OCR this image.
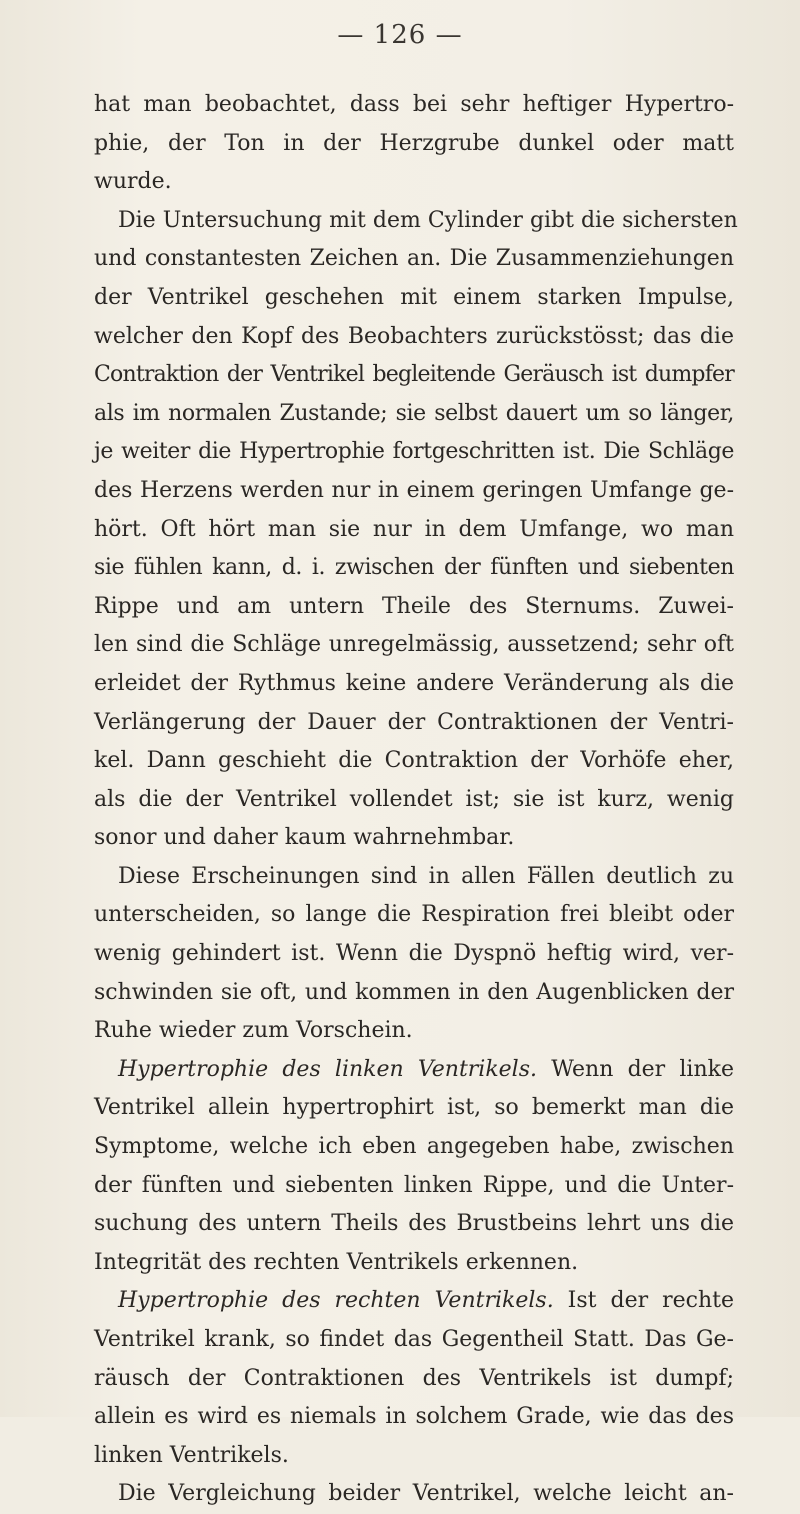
— 126 —
hat man beobachtet, dass bei sehr heftiger Hypertro-
phie, der Ton in der Herzgrube dunkel oder matt
wurde.
Die Untersuchung mit dem Cylinder gibt die sichersten
und constantesten Zeichen an. Die Zusammenziehungen
der Ventrikel geschehen mit einem starken Impulse,
welcher den Kopf des Beobachters zurückstösst; das die
Contraktion der Ventrikel begleitende Geräusch ist dumpfer
als im normalen Zustande; sie selbst dauert um so länger,
je weiter die Hypertrophie fortgeschritten ist. Die Schläge
des Herzens werden nur in einem geringen Umfange ge-
hört. Oft hört man sie nur in dem Umfange, wo man
sie fühlen kann, d. i. zwischen der fünften und siebenten
Rippe und am untern Theile des Sternums. Zuwei-
len sind die Schläge unregelmässig, aussetzend; sehr oft
erleidet der Rythmus keine andere Veränderung als die
Verlängerung der Dauer der Contraktionen der Ventri-
kel. Dann geschieht die Contraktion der Vorhöfe eher,
als die der Ventrikel vollendet ist; sie ist kurz, wenig
sonor und daher kaum wahrnehmbar.
Diese Erscheinungen sind in allen Fällen deutlich zu
unterscheiden, so lange die Respiration frei bleibt oder
wenig gehindert ist. Wenn die Dyspnö heftig wird, ver-
schwinden sie oft, und kommen in den Augenblicken der
Ruhe wieder zum Vorschein.
Hypertrophie des linken Ventrikels. Wenn der linke
Ventrikel allein hypertrophirt ist, so bemerkt man die
Symptome, welche ich eben angegeben habe, zwischen
der fünften und siebenten linken Rippe, und die Unter-
suchung des untern Theils des Brustbeins lehrt uns die
Integrität des rechten Ventrikels erkennen.
Hypertrophie des rechten Ventrikels. Ist der rechte
Ventrikel krank, so findet das Gegentheil Statt. Das Ge-
räusch der Contraktionen des Ventrikels ist dumpf;
allein es wird es niemals in solchem Grade, wie das des
linken Ventrikels.
Die Vergleichung beider Ventrikel, welche leicht an-
